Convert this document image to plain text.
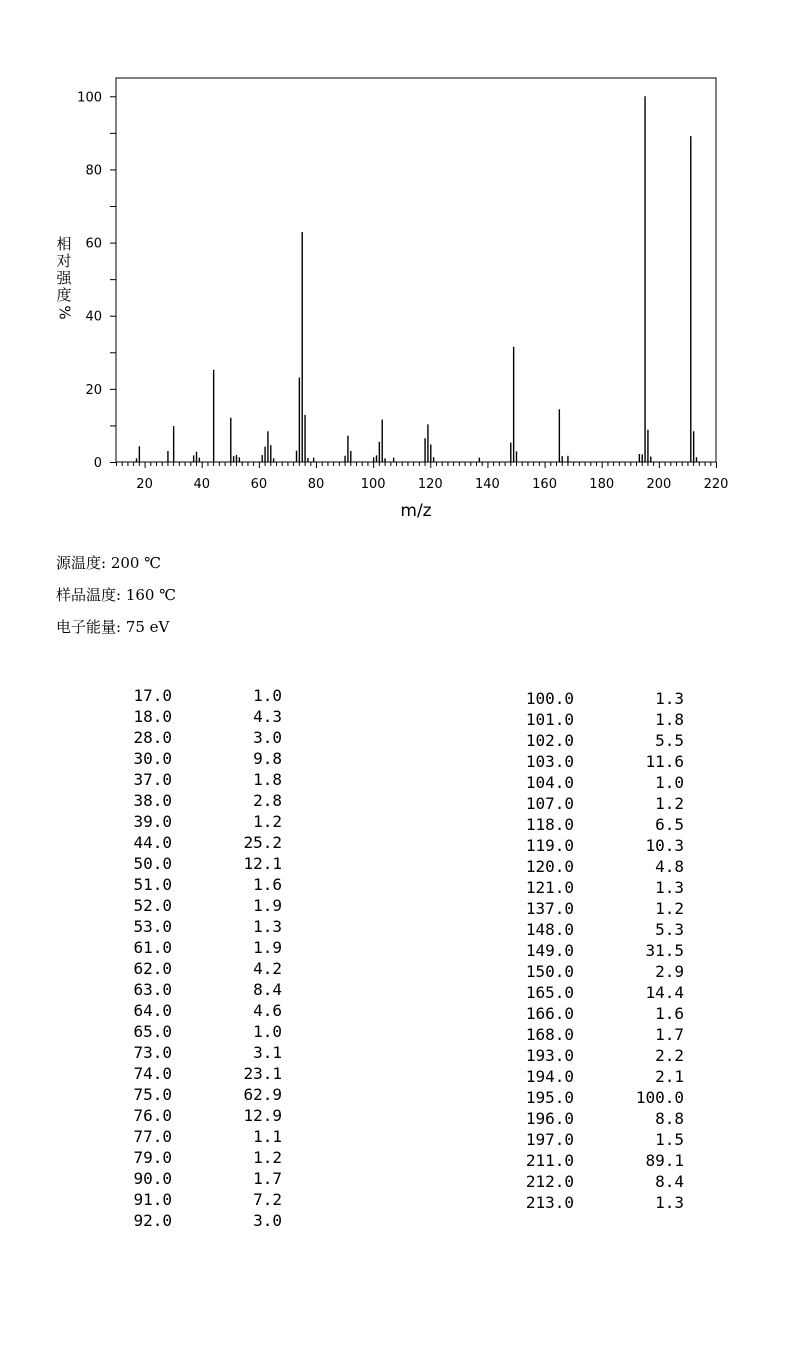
20	40	60	80	100 120 140 160 180 200 220
0
20
40
60
80
100
m/z
相
对
强
度
%
源温度: 200 ℃
样品温度: 160 ℃
电子能量: 75 eV
17.0	1.0
18.0	4.3
28.0	3.0
30.0	9.8
37.0	1.8
38.0	2.8
39.0	1.2
44.0	25.2
50.0	12.1
51.0	1.6
52.0	1.9
53.0	1.3
61.0	1.9
62.0	4.2
63.0	8.4
64.0	4.6
65.0	1.0
73.0	3.1
74.0	23.1
75.0	62.9
76.0	12.9
77.0	1.1
79.0	1.2
90.0	1.7
91.0	7.2
92.0	3.0
100.0	1.3
101.0	1.8
102.0	5.5
103.0	11.6
104.0	1.0
107.0	1.2
118.0	6.5
119.0	10.3
120.0	4.8
121.0	1.3
137.0	1.2
148.0	5.3
149.0	31.5
150.0	2.9
165.0	14.4
166.0	1.6
168.0	1.7
193.0	2.2
194.0	2.1
195.0	100.0
196.0	8.8
197.0	1.5
211.0	89.1
212.0	8.4
213.0	1.3
